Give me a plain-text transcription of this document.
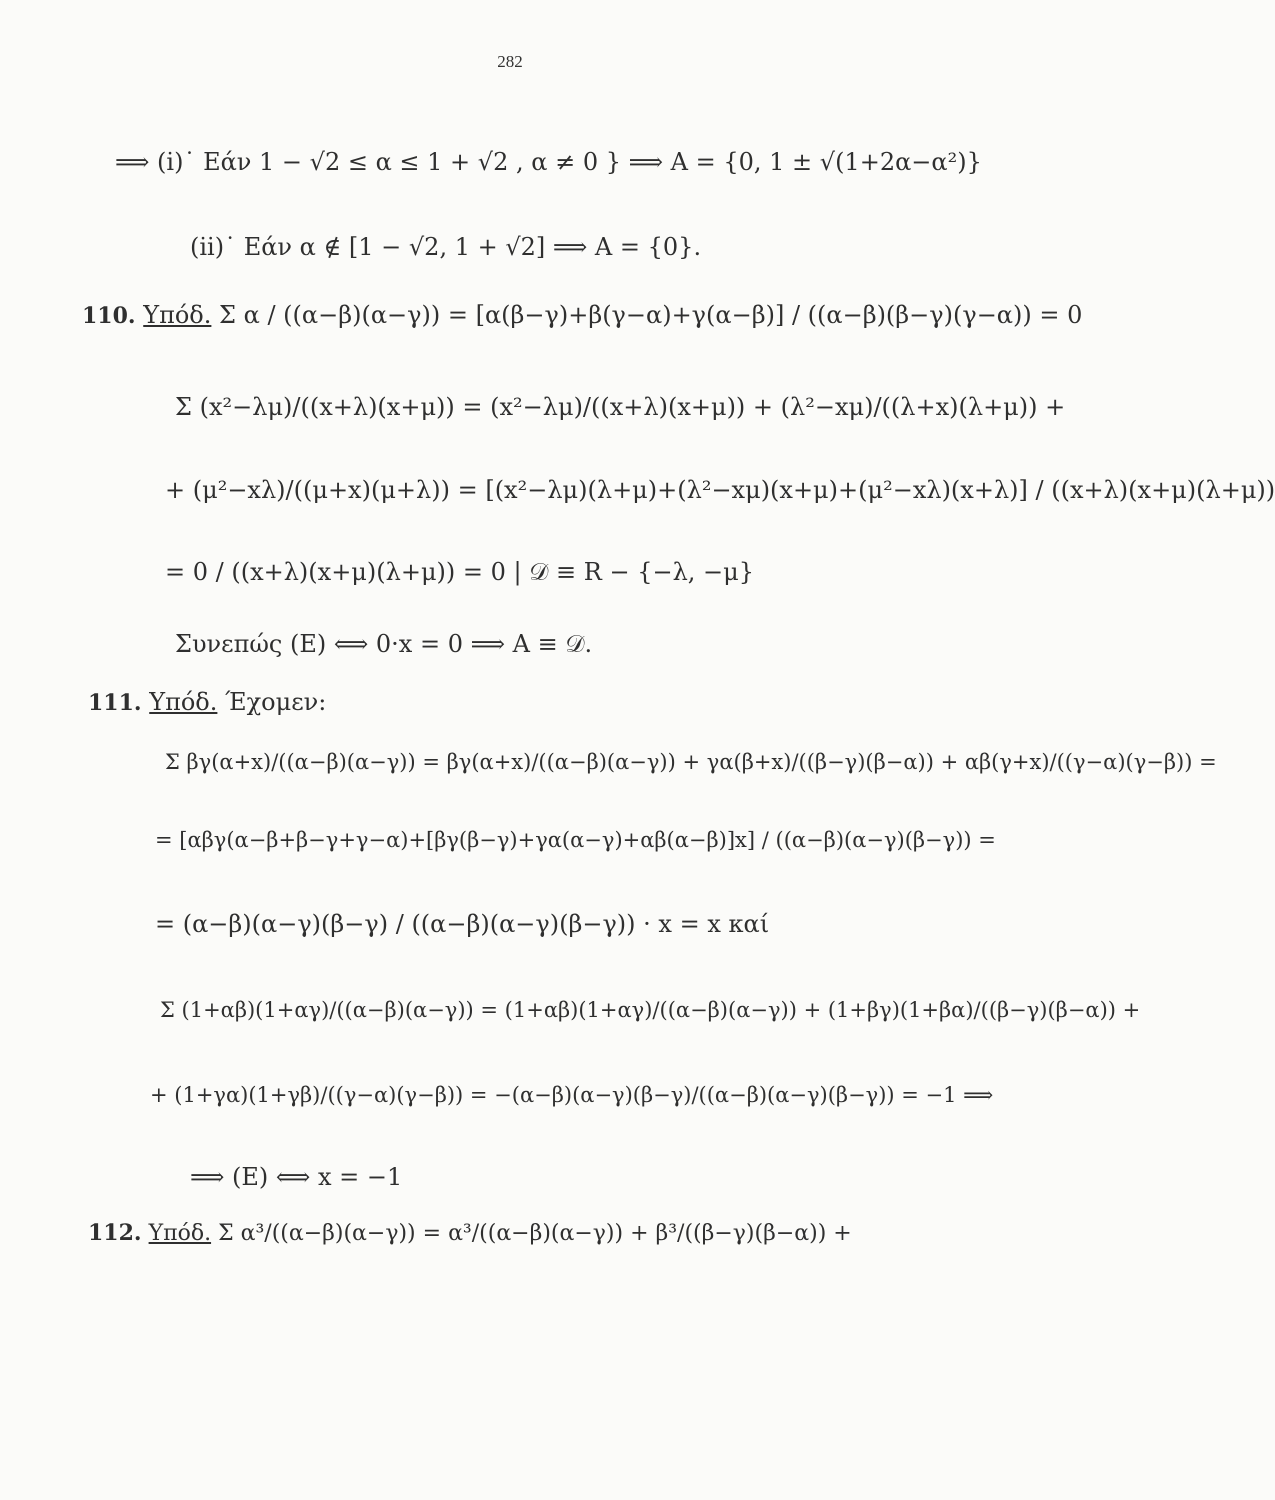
282
⟹ (i)˙ Εάν 1 − √2 ≤ α ≤ 1 + √2 , α ≠ 0 } ⟹ A = {0, 1 ± √(1+2α−α²)}
(ii)˙ Εάν α ∉ [1 − √2, 1 + √2] ⟹ A = {0}.
110. Υπόδ. Σ α / ((α−β)(α−γ)) = [α(β−γ)+β(γ−α)+γ(α−β)] / ((α−β)(β−γ)(γ−α)) = 0
Σ (x²−λμ)/((x+λ)(x+μ)) = (x²−λμ)/((x+λ)(x+μ)) + (λ²−xμ)/((λ+x)(λ+μ)) +
+ (μ²−xλ)/((μ+x)(μ+λ)) = [(x²−λμ)(λ+μ)+(λ²−xμ)(x+μ)+(μ²−xλ)(x+λ)] / ((x+λ)(x+μ)(λ+μ))
= 0 / ((x+λ)(x+μ)(λ+μ)) = 0 | 𝒟 ≡ R − {−λ, −μ}
Συνεπώς (E) ⟺ 0·x = 0 ⟹ A ≡ 𝒟.
111. Υπόδ. Έχομεν:
Σ βγ(α+x)/((α−β)(α−γ)) = βγ(α+x)/((α−β)(α−γ)) + γα(β+x)/((β−γ)(β−α)) + αβ(γ+x)/((γ−α)(γ−β)) =
= [αβγ(α−β+β−γ+γ−α)+[βγ(β−γ)+γα(α−γ)+αβ(α−β)]x] / ((α−β)(α−γ)(β−γ)) =
= (α−β)(α−γ)(β−γ) / ((α−β)(α−γ)(β−γ)) · x = x καί
Σ (1+αβ)(1+αγ)/((α−β)(α−γ)) = (1+αβ)(1+αγ)/((α−β)(α−γ)) + (1+βγ)(1+βα)/((β−γ)(β−α)) +
+ (1+γα)(1+γβ)/((γ−α)(γ−β)) = −(α−β)(α−γ)(β−γ)/((α−β)(α−γ)(β−γ)) = −1 ⟹
⟹ (E) ⟺ x = −1
112. Υπόδ. Σ α³/((α−β)(α−γ)) = α³/((α−β)(α−γ)) + β³/((β−γ)(β−α)) +
